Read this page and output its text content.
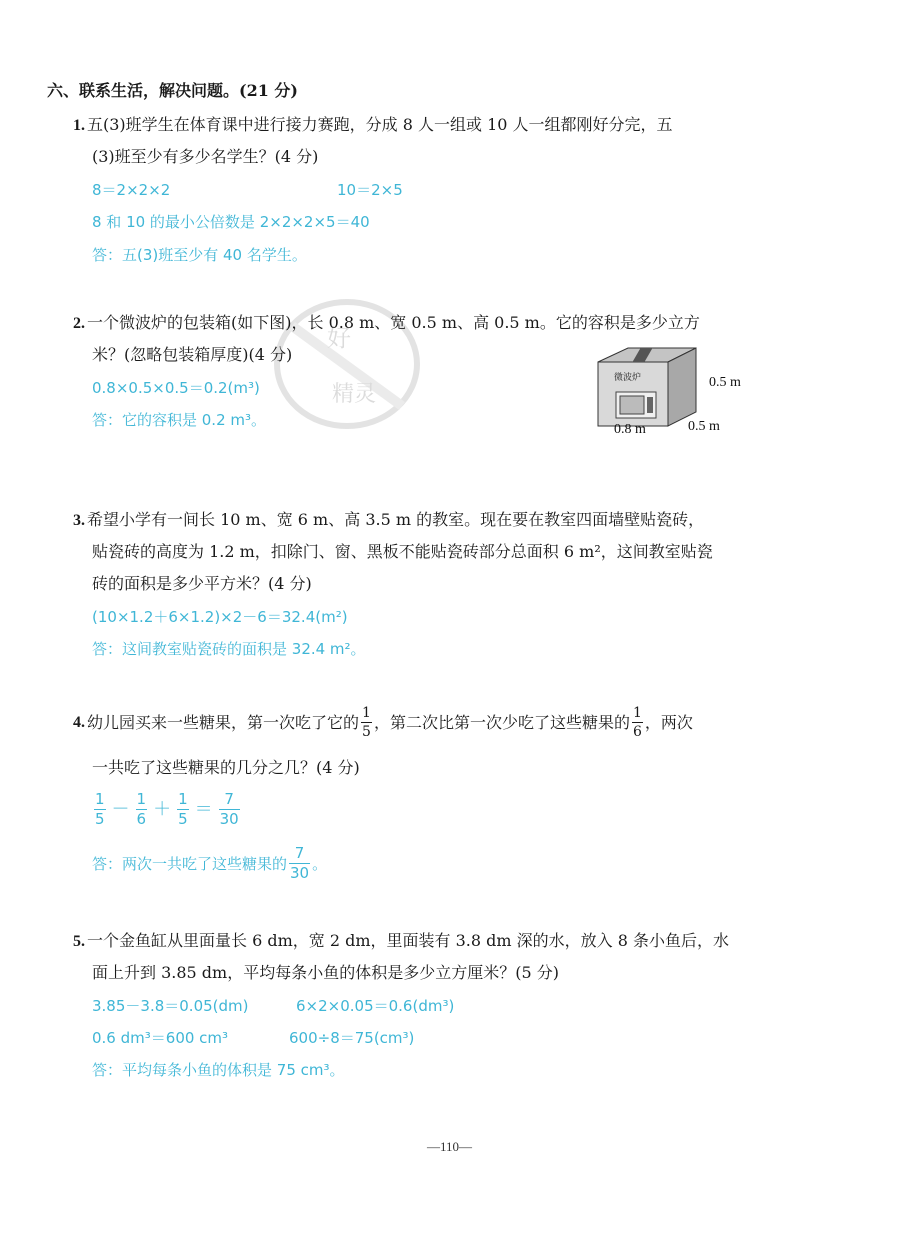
六、联系生活，解决问题。(21 分)
1. 五(3)班学生在体育课中进行接力赛跑，分成 8 人一组或 10 人一组都刚好分完，五
(3)班至少有多少名学生？(4 分)
8＝2×2×2	10＝2×5
8 和 10 的最小公倍数是 2×2×2×5＝40
答：五(3)班至少有 40 名学生。
好
精灵
2. 一个微波炉的包装箱(如下图)，长 0.8 m、宽 0.5 m、高 0.5 m。它的容积是多少立方
米？(忽略包装箱厚度)(4 分)
0.8×0.5×0.5＝0.2(m³)
答：它的容积是 0.2 m³。
微波炉	0.5 m
0.8 m	0.5 m
3. 希望小学有一间长 10 m、宽 6 m、高 3.5 m 的教室。现在要在教室四面墙壁贴瓷砖，
贴瓷砖的高度为 1.2 m，扣除门、窗、黑板不能贴瓷砖部分总面积 6 m²，这间教室贴瓷
砖的面积是多少平方米？(4 分)
(10×1.2＋6×1.2)×2－6＝32.4(m²)
答：这间教室贴瓷砖的面积是 32.4 m²。
4. 幼儿园买来一些糖果，第一次吃了它的 $\frac{1}{5}$ ，第二次比第一次少吃了这些糖果的 $\frac{1}{6}$ ，两次
一共吃了这些糖果的几分之几？(4 分)
$\frac{1}{5} - \frac{1}{6} + \frac{1}{5} = \frac{7}{30}$
答：两次一共吃了这些糖果的 $\frac{7}{30}$ 。
5. 一个金鱼缸从里面量长 6 dm，宽 2 dm，里面装有 3.8 dm 深的水，放入 8 条小鱼后，水
面上升到 3.85 dm，平均每条小鱼的体积是多少立方厘米？(5 分)
3.85－3.8＝0.05(dm)	6×2×0.05＝0.6(dm³)
0.6 dm³＝600 cm³	600÷8＝75(cm³)
答：平均每条小鱼的体积是 75 cm³。
—110—
